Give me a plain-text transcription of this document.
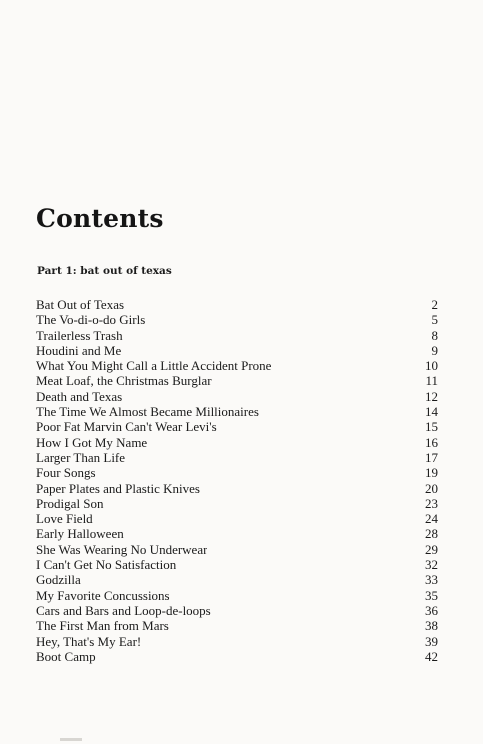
Contents
Part 1: bat out of texas
Bat Out of Texas	2
The Vo-di-o-do Girls	5
Trailerless Trash	8
Houdini and Me	9
What You Might Call a Little Accident Prone	10
Meat Loaf, the Christmas Burglar	11
Death and Texas	12
The Time We Almost Became Millionaires	14
Poor Fat Marvin Can't Wear Levi's	15
How I Got My Name	16
Larger Than Life	17
Four Songs	19
Paper Plates and Plastic Knives	20
Prodigal Son	23
Love Field	24
Early Halloween	28
She Was Wearing No Underwear	29
I Can't Get No Satisfaction	32
Godzilla	33
My Favorite Concussions	35
Cars and Bars and Loop-de-loops	36
The First Man from Mars	38
Hey, That's My Ear!	39
Boot Camp	42
